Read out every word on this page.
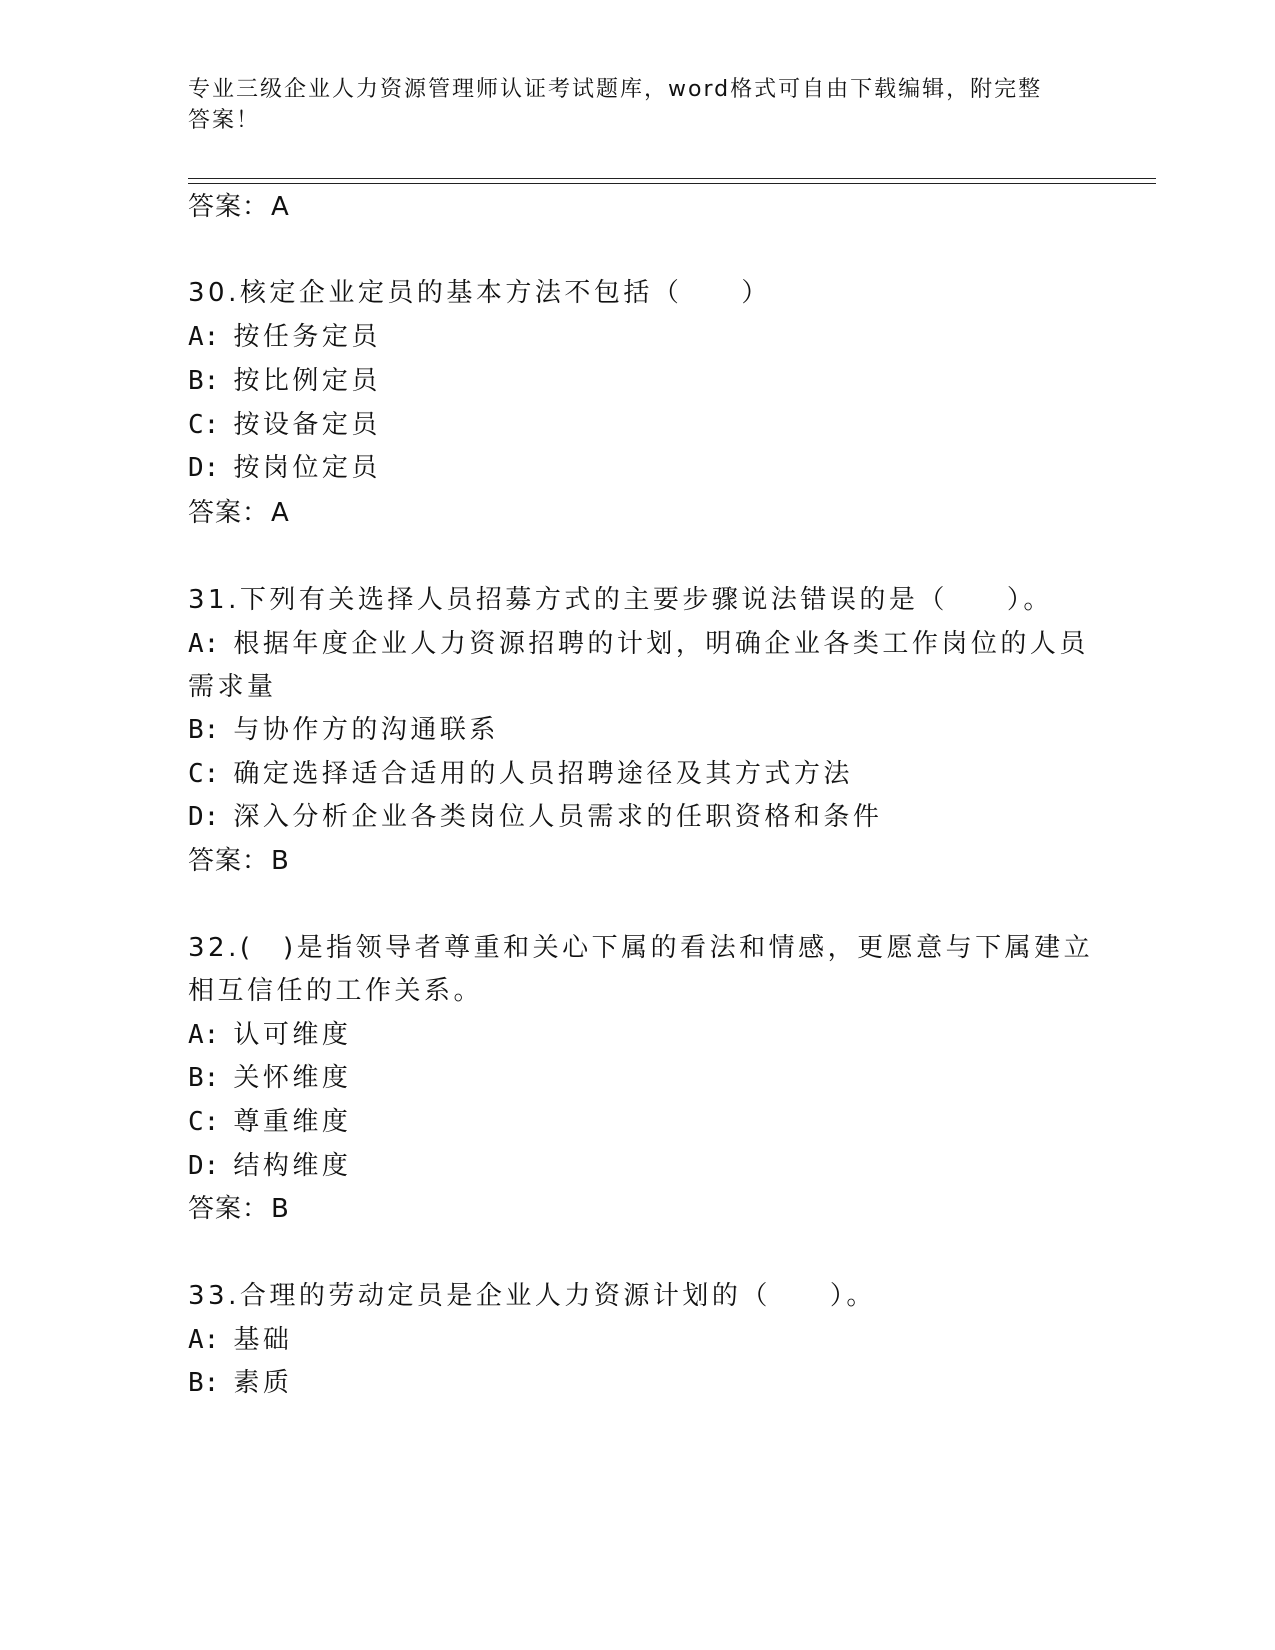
专业三级企业人力资源管理师认证考试题库，word格式可自由下载编辑，附完整
答案！
答案：A
30.核定企业定员的基本方法不包括（　　）
A: 按任务定员
B: 按比例定员
C: 按设备定员
D: 按岗位定员
答案：A
31.下列有关选择人员招募方式的主要步骤说法错误的是（　　）。
A: 根据年度企业人力资源招聘的计划，明确企业各类工作岗位的人员
需求量
B: 与协作方的沟通联系
C: 确定选择适合适用的人员招聘途径及其方式方法
D: 深入分析企业各类岗位人员需求的任职资格和条件
答案：B
32.(　)是指领导者尊重和关心下属的看法和情感，更愿意与下属建立
相互信任的工作关系。
A: 认可维度
B: 关怀维度
C: 尊重维度
D: 结构维度
答案：B
33.合理的劳动定员是企业人力资源计划的（　　）。
A: 基础
B: 素质
